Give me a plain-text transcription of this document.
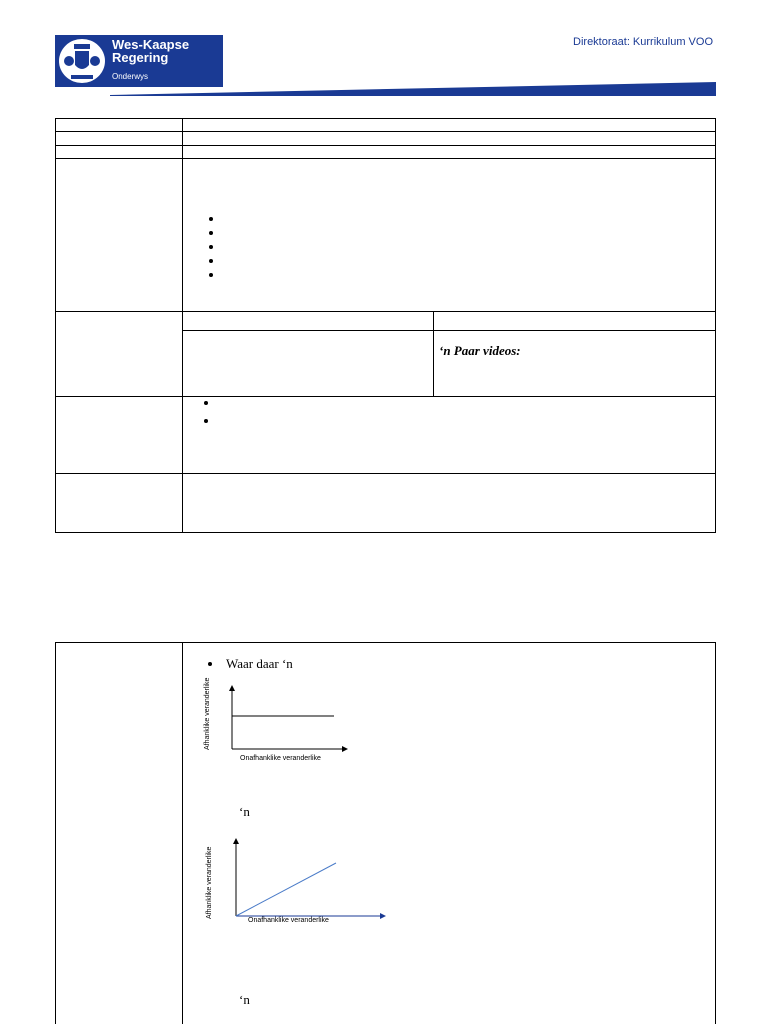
Wes-Kaapse
Regering
Onderwys
Direktoraat: Kurrikulum VOO
‘n Paar videos:
Waar daar ‘n
Afhanklike veranderlike
Onafhanklike veranderlike
‘n
Afhanklike veranderlike
Onafhanklike veranderlike
‘n
